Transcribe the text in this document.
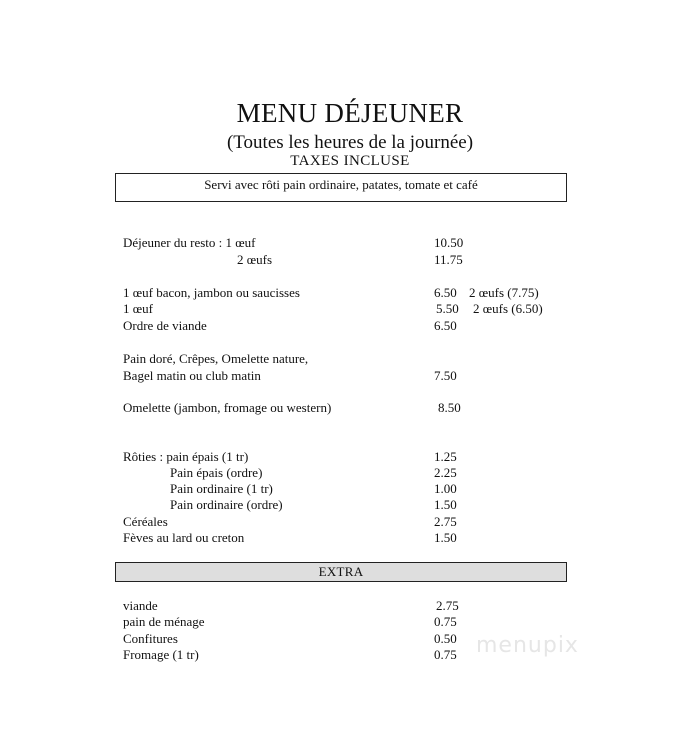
MENU DÉJEUNER
(Toutes les heures de la journée)
TAXES INCLUSE
Servi avec rôti pain ordinaire, patates, tomate et café
Déjeuner du resto : 1 œuf	10.50
2 œufs	11.75
1 œuf bacon, jambon ou saucisses	6.50 2 œufs (7.75)
1 œuf	5.50 2 œufs (6.50)
Ordre de viande	6.50
Pain doré, Crêpes, Omelette nature,
Bagel matin ou club matin	7.50
Omelette (jambon, fromage ou western)	8.50
Rôties : pain épais (1 tr)	1.25
Pain épais (ordre)	2.25
Pain ordinaire (1 tr)	1.00
Pain ordinaire (ordre)	1.50
Céréales	2.75
Fèves au lard ou creton	1.50
EXTRA
viande	2.75
pain de ménage	0.75
Confitures	0.50
Fromage (1 tr)	0.75 menupix
